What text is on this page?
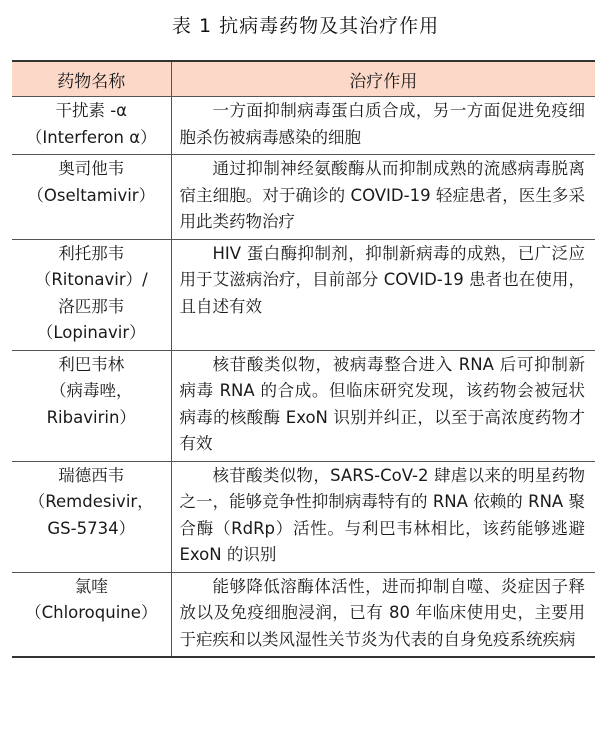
表 1 抗病毒药物及其治疗作用
药物名称	治疗作用

干扰素 -α
（Interferon α）	一方面抑制病毒蛋白质合成，另一方面促进免疫细胞杀伤被病毒感染的细胞

奥司他韦
（Oseltamivir）	通过抑制神经氨酸酶从而抑制成熟的流感病毒脱离宿主细胞。对于确诊的 COVID-19 轻症患者，医生多采用此类药物治疗

利托那韦
（Ritonavir）/
洛匹那韦
（Lopinavir）	HIV 蛋白酶抑制剂，抑制新病毒的成熟，已广泛应用于艾滋病治疗，目前部分 COVID-19 患者也在使用，且自述有效

利巴韦林
（病毒唑，
Ribavirin）	核苷酸类似物，被病毒整合进入 RNA 后可抑制新病毒 RNA 的合成。但临床研究发现，该药物会被冠状病毒的核酸酶 ExoN 识别并纠正，以至于高浓度药物才有效

瑞德西韦
（Remdesivir，
GS-5734）	核苷酸类似物，SARS-CoV-2 肆虐以来的明星药物之一，能够竞争性抑制病毒特有的 RNA 依赖的 RNA 聚合酶（RdRp）活性。与利巴韦林相比，该药能够逃避 ExoN 的识别

氯喹
（Chloroquine）	能够降低溶酶体活性，进而抑制自噬、炎症因子释放以及免疫细胞浸润，已有 80 年临床使用史，主要用于疟疾和以类风湿性关节炎为代表的自身免疫系统疾病
